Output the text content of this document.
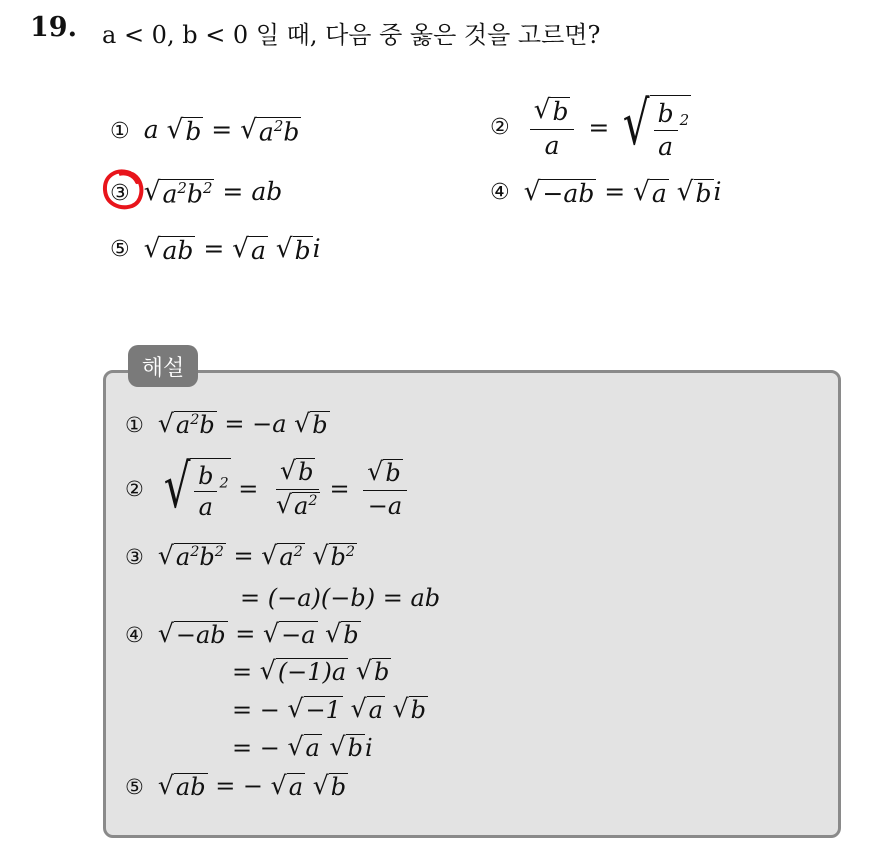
19. a < 0, b < 0 일 때, 다음 중 옳은 것을 고르면?
① a √ b = √ $a^2b$	② $\frac{√ b}{a}$ = √ $\frac{b}{a} ^2$
③ √ $a^2b^2$ = ab	④ √ −ab = √ a
√ b i
⑤ √ ab = √ a
√ b i
해설
① √ $a^2b = -a$ √ b
② √ $\frac{b}{a} ^2 = \frac{√ b}{√ a^2} = \frac{√ b}{-a}$
③ √ $a^2b^2$ = √ $a^2$
√ $b^2$
= (−a)(−b) = ab
④ √ −ab = √ −a
√ b
= √ (−1)a
√ b
= − √ −1
√ a
√ b
= − √ a
√ b i
⑤ √ ab = − √ a
√ b
